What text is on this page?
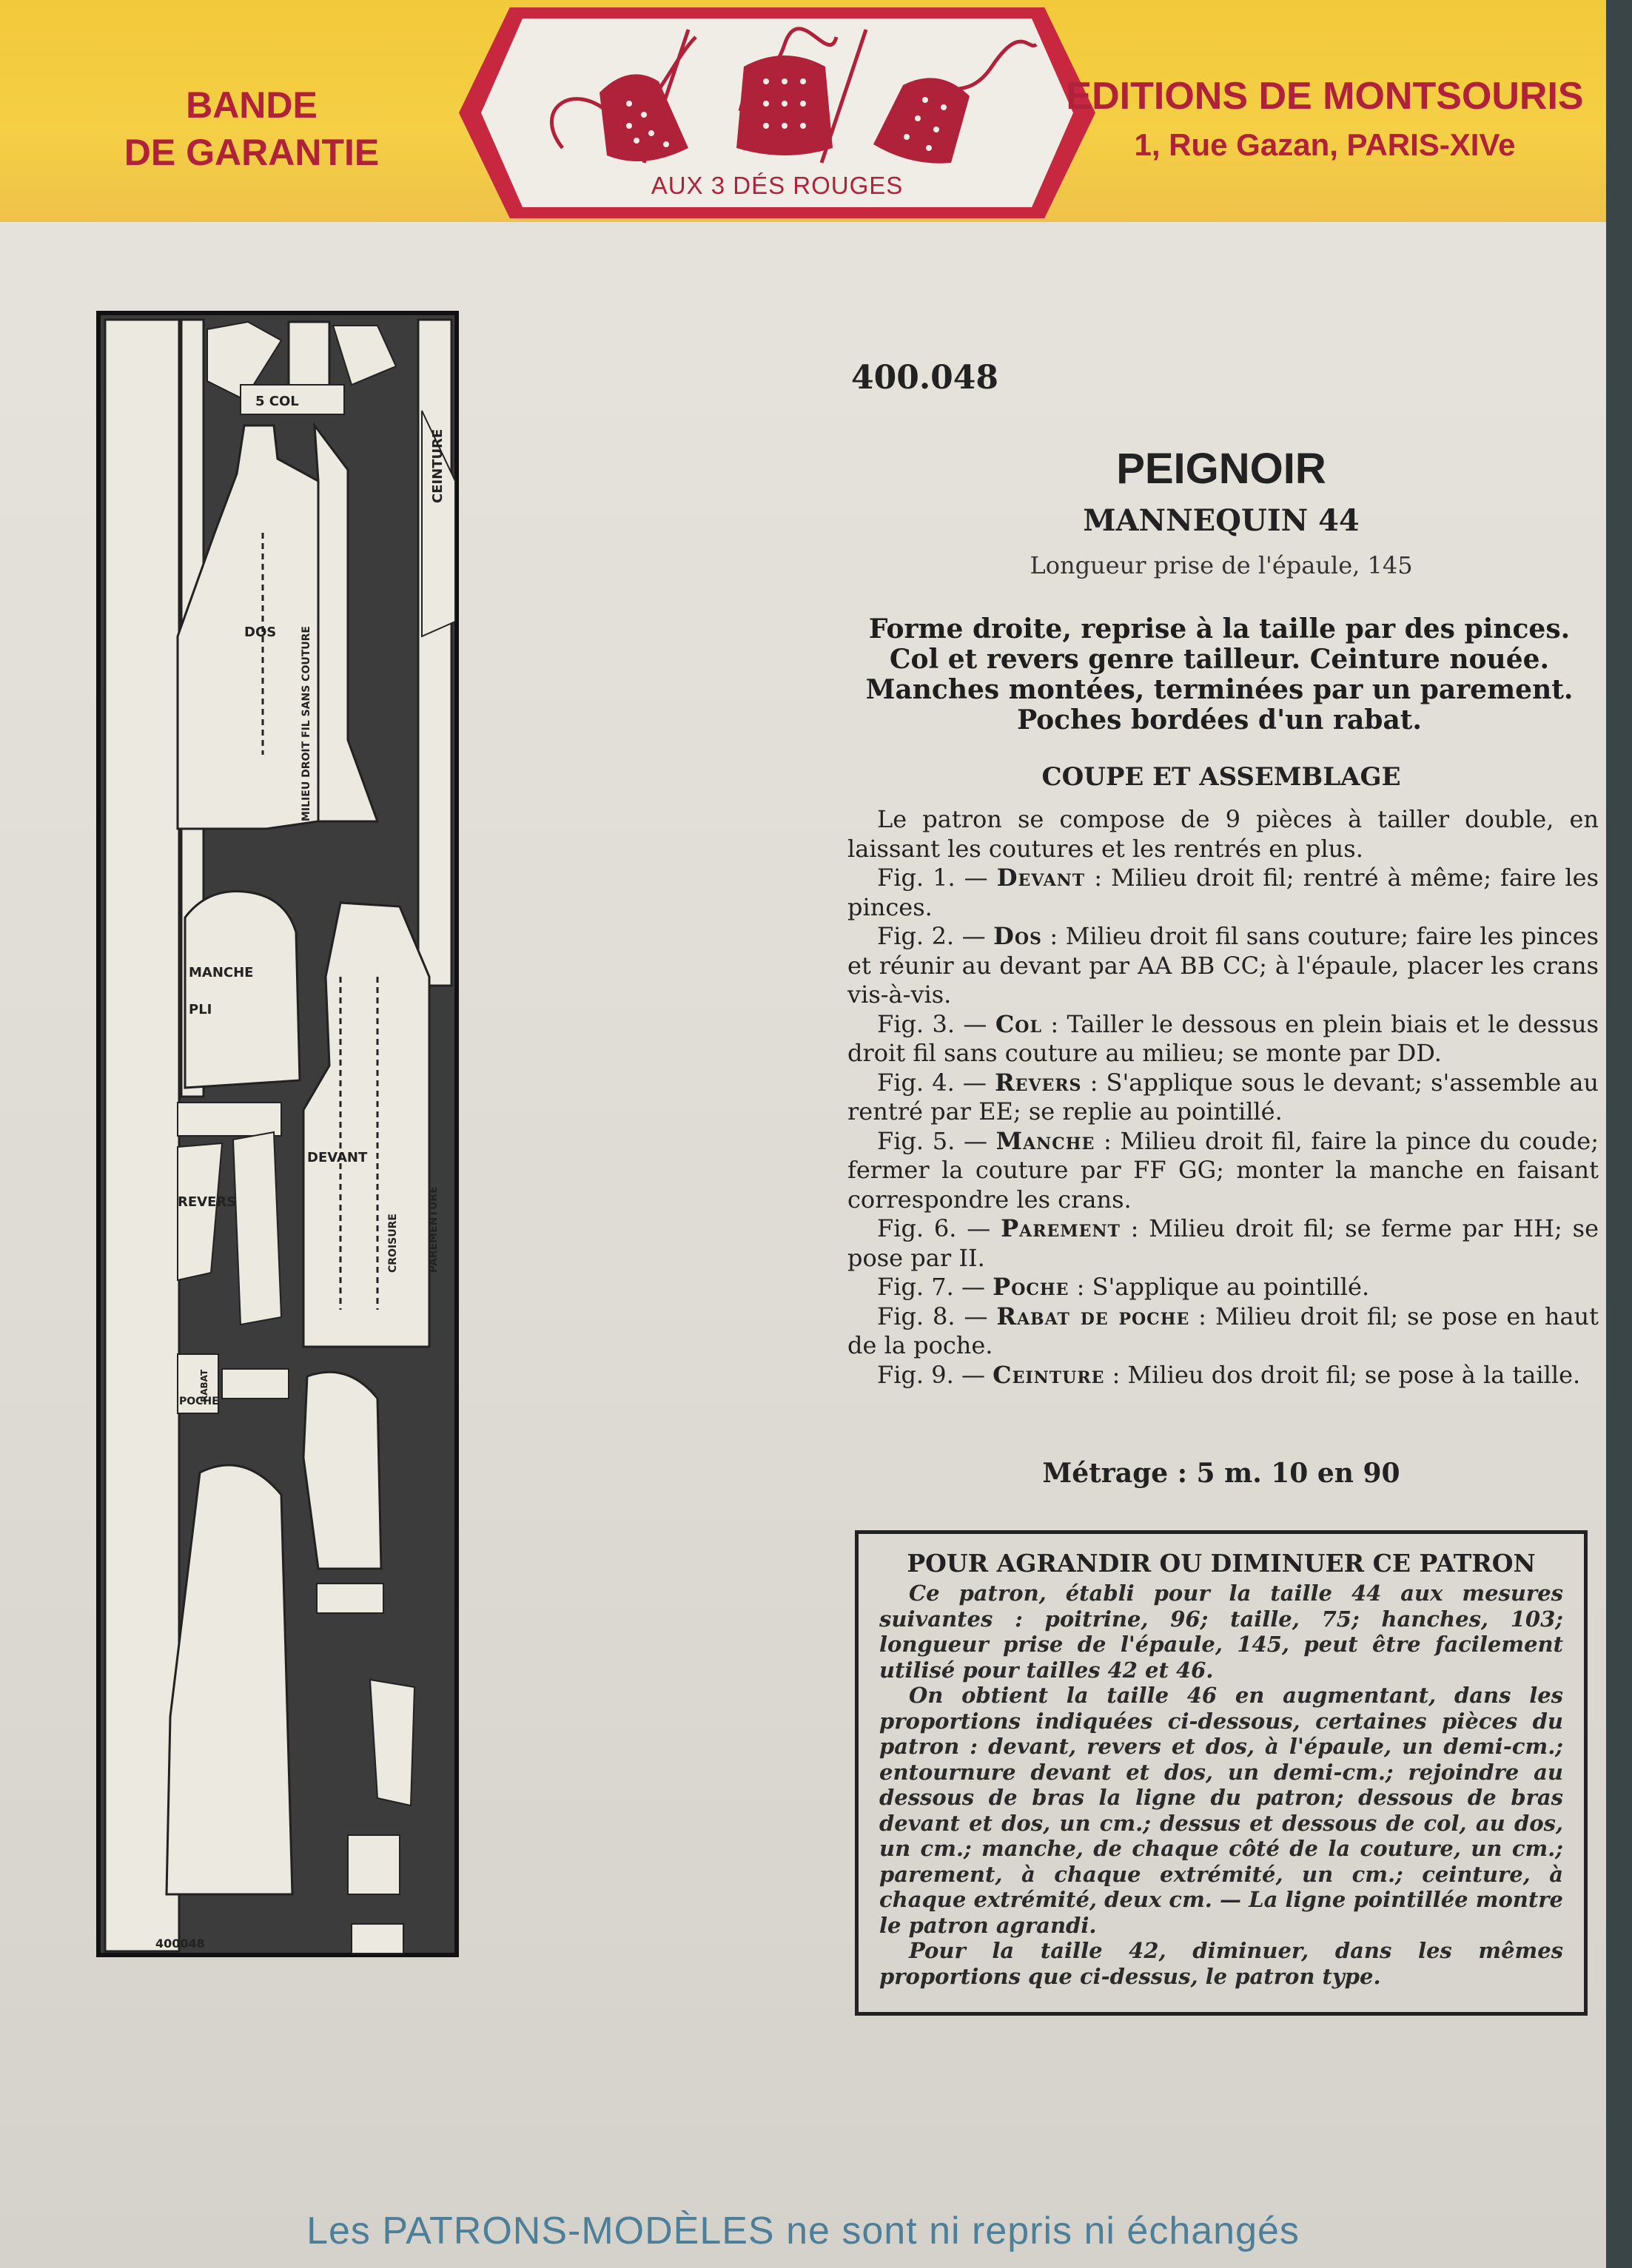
BANDE
DE GARANTIE
AUX 3 DÉS ROUGES
EDITIONS DE MONTSOURIS
1, Rue Gazan, PARIS-XIVe
5 COL
DOS MILIEU DROIT FIL SANS COUTURE
CEINTURE
MANCHE
PLI
DEVANT
REVERS
CROISURE	PAREMENTURE
POCHE
RABAT
400048
400.048
PEIGNOIR
MANNEQUIN 44
Longueur prise de l'épaule, 145
Forme droite, reprise à la taille par des pinces.
Col et revers genre tailleur. Ceinture nouée.
Manches montées, terminées par un parement.
Poches bordées d'un rabat.
COUPE ET ASSEMBLAGE

Le patron se compose de 9 pièces à tailler double, en laissant les coutures et les rentrés en plus.

Fig. 1. — Devant : Milieu droit fil; rentré à même; faire les pinces.

Fig. 2. — Dos : Milieu droit fil sans couture; faire les pinces et réunir au devant par AA BB CC; à l'épaule, placer les crans vis-à-vis.

Fig. 3. — Col : Tailler le dessous en plein biais et le dessus droit fil sans couture au milieu; se monte par DD.

Fig. 4. — Revers : S'applique sous le devant; s'assemble au rentré par EE; se replie au pointillé.

Fig. 5. — Manche : Milieu droit fil, faire la pince du coude; fermer la couture par FF GG; monter la manche en faisant correspondre les crans.

Fig. 6. — Parement : Milieu droit fil; se ferme par HH; se pose par II.

Fig. 7. — Poche : S'applique au pointillé.

Fig. 8. — Rabat de poche : Milieu droit fil; se pose en haut de la poche.

Fig. 9. — Ceinture : Milieu dos droit fil; se pose à la taille.

Métrage : 5 m. 10 en 90
POUR AGRANDIR OU DIMINUER CE PATRON

Ce patron, établi pour la taille 44 aux mesures suivantes : poitrine, 96; taille, 75; hanches, 103; longueur prise de l'épaule, 145, peut être facilement utilisé pour tailles 42 et 46.

On obtient la taille 46 en augmentant, dans les proportions indiquées ci-dessous, certaines pièces du patron : devant, revers et dos, à l'épaule, un demi-cm.; entournure devant et dos, un demi-cm.; rejoindre au dessous de bras la ligne du patron; dessous de bras devant et dos, un cm.; dessus et dessous de col, au dos, un cm.; manche, de chaque côté de la couture, un cm.; parement, à chaque extrémité, un cm.; ceinture, à chaque extrémité, deux cm. — La ligne pointillée montre le patron agrandi.

Pour la taille 42, diminuer, dans les mêmes proportions que ci-dessus, le patron type.

Les PATRONS-MODÈLES ne sont ni repris ni échangés
